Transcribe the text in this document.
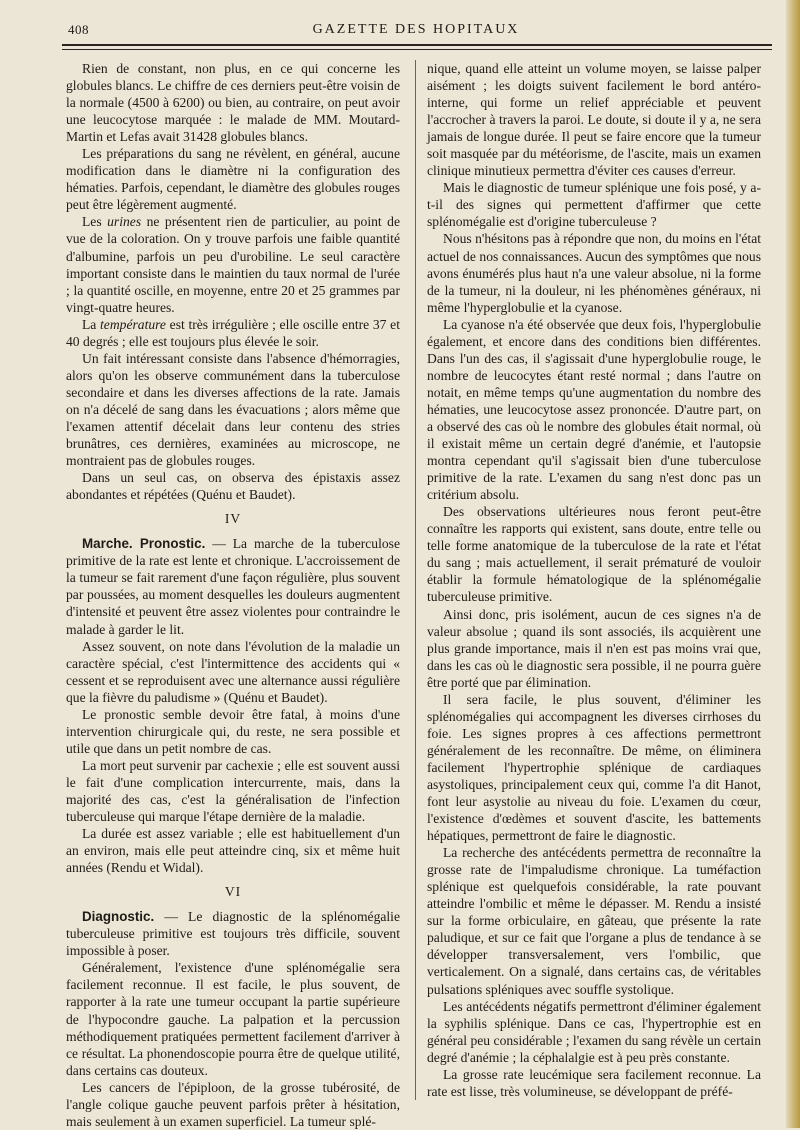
408	GAZETTE DES HOPITAUX

Rien de constant, non plus, en ce qui concerne les globules blancs. Le chiffre de ces derniers peut-être voisin de la normale (4500 à 6200) ou bien, au contraire, on peut avoir une leucocytose marquée : le malade de MM. Moutard-Martin et Lefas avait 31428 globules blancs.

Les préparations du sang ne révèlent, en général, aucune modification dans le diamètre ni la configuration des hématies. Parfois, cependant, le diamètre des globules rouges peut être légèrement augmenté.

Les urines ne présentent rien de particulier, au point de vue de la coloration. On y trouve parfois une faible quantité d'albumine, parfois un peu d'urobiline. Le seul caractère important consiste dans le maintien du taux normal de l'urée ; la quantité oscille, en moyenne, entre 20 et 25 grammes par vingt-quatre heures.

La température est très irrégulière ; elle oscille entre 37 et 40 degrés ; elle est toujours plus élevée le soir.

Un fait intéressant consiste dans l'absence d'hémorragies, alors qu'on les observe communément dans la tuberculose secondaire et dans les diverses affections de la rate. Jamais on n'a décelé de sang dans les évacuations ; alors même que l'examen attentif décelait dans leur contenu des stries brunâtres, ces dernières, examinées au microscope, ne montraient pas de globules rouges.

Dans un seul cas, on observa des épistaxis assez abondantes et répétées (Quénu et Baudet).

IV

Marche. Pronostic. — La marche de la tuberculose primitive de la rate est lente et chronique. L'accroissement de la tumeur se fait rarement d'une façon régulière, plus souvent par poussées, au moment desquelles les douleurs augmentent d'intensité et peuvent être assez violentes pour contraindre le malade à garder le lit.

Assez souvent, on note dans l'évolution de la maladie un caractère spécial, c'est l'intermittence des accidents qui « cessent et se reproduisent avec une alternance aussi régulière que la fièvre du paludisme » (Quénu et Baudet).

Le pronostic semble devoir être fatal, à moins d'une intervention chirurgicale qui, du reste, ne sera possible et utile que dans un petit nombre de cas.

La mort peut survenir par cachexie ; elle est souvent aussi le fait d'une complication intercurrente, mais, dans la majorité des cas, c'est la généralisation de l'infection tuberculeuse qui marque l'étape dernière de la maladie.

La durée est assez variable ; elle est habituellement d'un an environ, mais elle peut atteindre cinq, six et même huit années (Rendu et Widal).

VI

Diagnostic. — Le diagnostic de la splénomégalie tuberculeuse primitive est toujours très difficile, souvent impossible à poser.

Généralement, l'existence d'une splénomégalie sera facilement reconnue. Il est facile, le plus souvent, de rapporter à la rate une tumeur occupant la partie supérieure de l'hypocondre gauche. La palpation et la percussion méthodiquement pratiquées permettent facilement d'arriver à ce résultat. La phonendoscopie pourra être de quelque utilité, dans certains cas douteux.

Les cancers de l'épiploon, de la grosse tubérosité, de l'angle colique gauche peuvent parfois prêter à hésitation, mais seulement à un examen superficiel. La tumeur splé-

nique, quand elle atteint un volume moyen, se laisse palper aisément ; les doigts suivent facilement le bord antéro-interne, qui forme un relief appréciable et peuvent l'accrocher à travers la paroi. Le doute, si doute il y a, ne sera jamais de longue durée. Il peut se faire encore que la tumeur soit masquée par du météorisme, de l'ascite, mais un examen clinique minutieux permettra d'éviter ces causes d'erreur.

Mais le diagnostic de tumeur splénique une fois posé, y a-t-il des signes qui permettent d'affirmer que cette splénomégalie est d'origine tuberculeuse ?

Nous n'hésitons pas à répondre que non, du moins en l'état actuel de nos connaissances. Aucun des symptômes que nous avons énumérés plus haut n'a une valeur absolue, ni la forme de la tumeur, ni la douleur, ni les phénomènes généraux, ni même l'hyperglobulie et la cyanose.

La cyanose n'a été observée que deux fois, l'hyperglobulie également, et encore dans des conditions bien différentes. Dans l'un des cas, il s'agissait d'une hyperglobulie rouge, le nombre de leucocytes étant resté normal ; dans l'autre on notait, en même temps qu'une augmentation du nombre des hématies, une leucocytose assez prononcée. D'autre part, on a observé des cas où le nombre des globules était normal, où il existait même un certain degré d'anémie, et l'autopsie montra cependant qu'il s'agissait bien d'une tuberculose primitive de la rate. L'examen du sang n'est donc pas un critérium absolu.

Des observations ultérieures nous feront peut-être connaître les rapports qui existent, sans doute, entre telle ou telle forme anatomique de la tuberculose de la rate et l'état du sang ; mais actuellement, il serait prématuré de vouloir établir la formule hématologique de la splénomégalie tuberculeuse primitive.

Ainsi donc, pris isolément, aucun de ces signes n'a de valeur absolue ; quand ils sont associés, ils acquièrent une plus grande importance, mais il n'en est pas moins vrai que, dans les cas où le diagnostic sera possible, il ne pourra guère être porté que par élimination.

Il sera facile, le plus souvent, d'éliminer les splénomégalies qui accompagnent les diverses cirrhoses du foie. Les signes propres à ces affections permettront généralement de les reconnaître. De même, on éliminera facilement l'hypertrophie splénique de cardiaques asystoliques, principalement ceux qui, comme l'a dit Hanot, font leur asystolie au niveau du foie. L'examen du cœur, l'existence d'œdèmes et souvent d'ascite, les battements hépatiques, permettront de faire le diagnostic.

La recherche des antécédents permettra de reconnaître la grosse rate de l'impaludisme chronique. La tuméfaction splénique est quelquefois considérable, la rate pouvant atteindre l'ombilic et même le dépasser. M. Rendu a insisté sur la forme orbiculaire, en gâteau, que présente la rate paludique, et sur ce fait que l'organe a plus de tendance à se développer transversalement, vers l'ombilic, que verticalement. On a signalé, dans certains cas, de véritables pulsations spléniques avec souffle systolique.

Les antécédents négatifs permettront d'éliminer également la syphilis splénique. Dans ce cas, l'hypertrophie est en général peu considérable ; l'examen du sang révèle un certain degré d'anémie ; la céphalalgie est à peu près constante.

La grosse rate leucémique sera facilement reconnue. La rate est lisse, très volumineuse, se développant de préfé-
